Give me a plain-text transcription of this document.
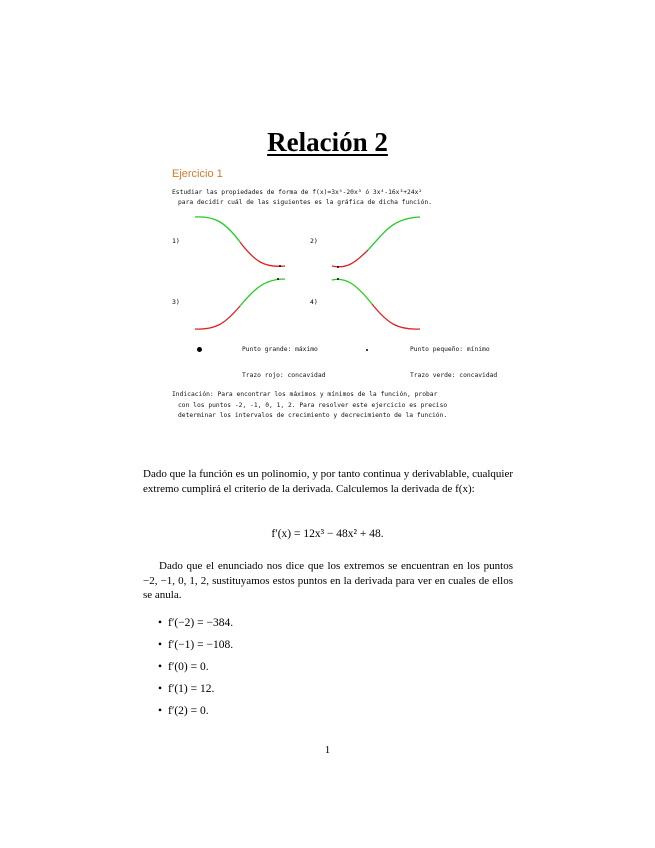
Relación 2
Ejercicio 1
Estudiar las propiedades de forma de f(x)=3x⁵-20x³ ó 3x⁴-16x³+24x²
para decidir cuál de las siguientes es la gráfica de dicha función.
1)	2)
3)	4)
Punto grande: máximo	Punto pequeño: mínimo
Trazo rojo: concavidad	Trazo verde: concavidad
Indicación: Para encontrar los máximos y mínimos de la función, probar
con los puntos -2, -1, 0, 1, 2. Para resolver este ejercicio es preciso
determinar los intervalos de crecimiento y decrecimiento de la función.
Dado que la función es un polinomio, y por tanto continua y derivablable, cualquier extremo cumplirá el criterio de la derivada. Calculemos la derivada de f(x):
f′(x) = 12x³ − 48x² + 48.
Dado que el enunciado nos dice que los extremos se encuentran en los puntos −2, −1, 0, 1, 2, sustituyamos estos puntos en la derivada para ver en cuales de ellos se anula.
• f′(−2) = −384.
• f′(−1) = −108.
• f′(0) = 0.
• f′(1) = 12.
• f′(2) = 0.
1
